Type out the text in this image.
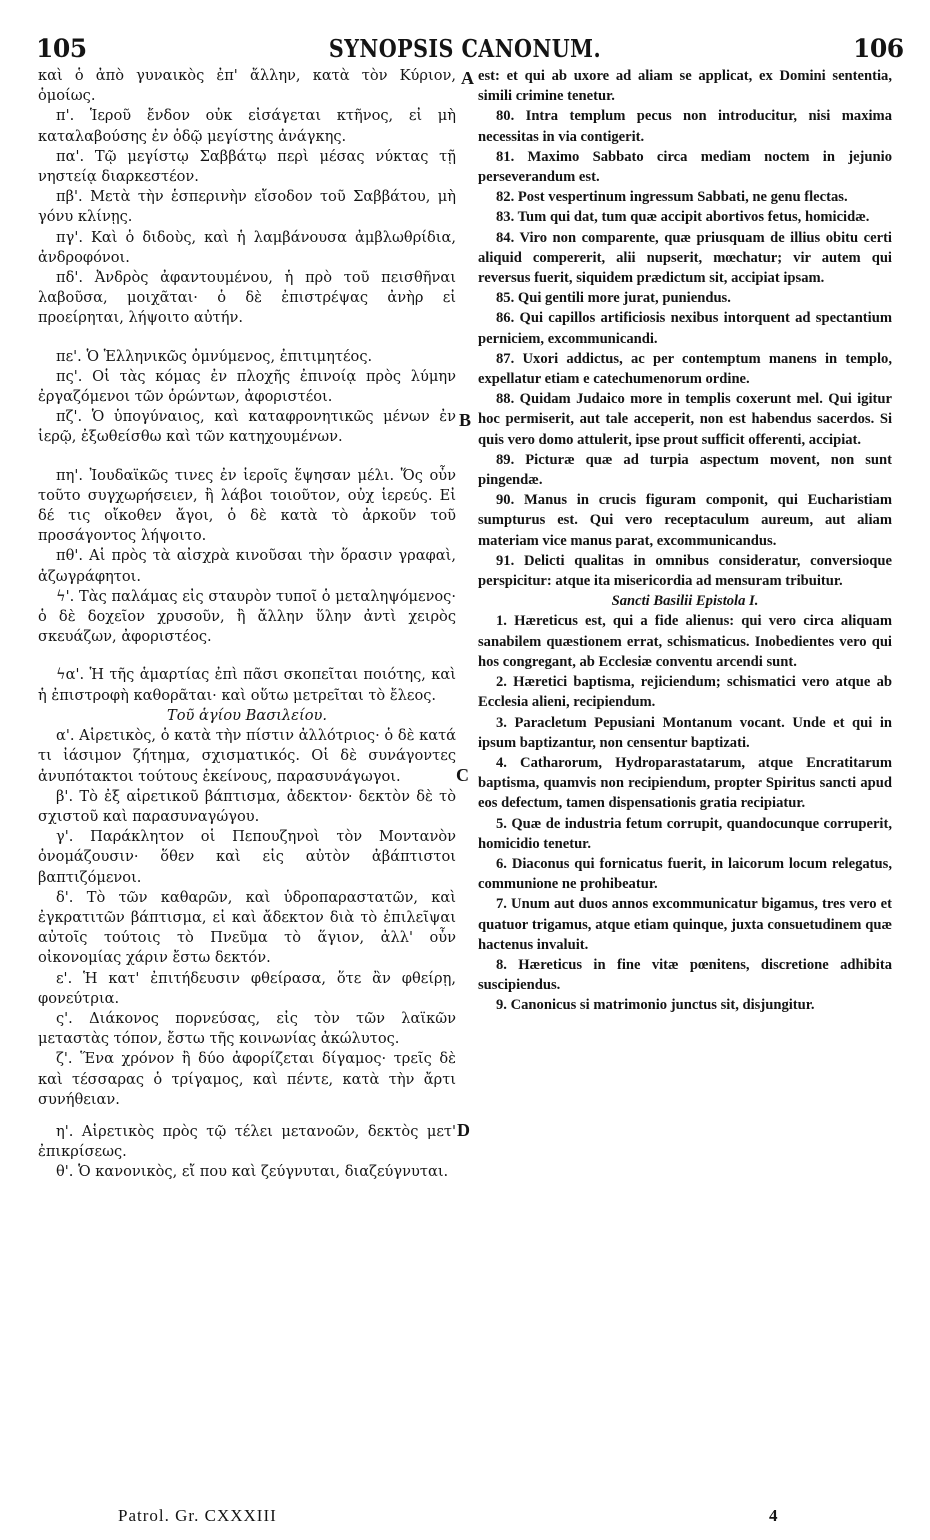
105	SYNOPSIS CANONUM.	106
A
B
C
D

καὶ ὁ ἀπὸ γυναικὸς ἐπ' ἄλλην, κατὰ τὸν Κύριον, ὁμοίως.

π'. Ἱεροῦ ἔνδον οὐκ εἰσάγεται κτῆνος, εἰ μὴ καταλαβούσης ἐν ὁδῷ μεγίστης ἀνάγκης.

πα'. Τῷ μεγίστῳ Σαββάτῳ περὶ μέσας νύκτας τῇ νηστείᾳ διαρκεστέον.

πβ'. Μετὰ τὴν ἑσπερινὴν εἴσοδον τοῦ Σαββάτου, μὴ γόνυ κλίνῃς.

πγ'. Καὶ ὁ διδοὺς, καὶ ἡ λαμβάνουσα ἀμβλωθρίδια, ἀνδροφόνοι.

πδ'. Ἀνδρὸς ἀφαντουμένου, ἡ πρὸ τοῦ πεισθῆναι λαβοῦσα, μοιχᾶται· ὁ δὲ ἐπιστρέψας ἀνὴρ εἰ προείρηται, λήψοιτο αὐτήν.

πε'. Ὁ Ἑλληνικῶς ὀμνύμενος, ἐπιτιμητέος.

πς'. Οἱ τὰς κόμας ἐν πλοχῆς ἐπινοίᾳ πρὸς λύμην ἐργαζόμενοι τῶν ὁρώντων, ἀφοριστέοι.

πζ'. Ὁ ὑπογύναιος, καὶ καταφρονητικῶς μένων ἐν ἱερῷ, ἐξωθείσθω καὶ τῶν κατηχουμένων.

πη'. Ἰουδαϊκῶς τινες ἐν ἱεροῖς ἕψησαν μέλι. Ὅς οὖν τοῦτο συγχωρήσειεν, ἢ λάβοι τοιοῦτον, οὐχ ἱερεύς. Εἰ δέ τις οἴκοθεν ἄγοι, ὁ δὲ κατὰ τὸ ἀρκοῦν τοῦ προσάγοντος λήψοιτο.

πθ'. Αἱ πρὸς τὰ αἰσχρὰ κινοῦσαι τὴν ὅρασιν γραφαὶ, ἀζωγράφητοι.

ϟ'. Τὰς παλάμας εἰς σταυρὸν τυποῖ ὁ μεταληψόμενος· ὁ δὲ δοχεῖον χρυσοῦν, ἢ ἄλλην ὕλην ἀντὶ χειρὸς σκευάζων, ἀφοριστέος.

ϟα'. Ἡ τῆς ἁμαρτίας ἐπὶ πᾶσι σκοπεῖται ποιότης, καὶ ἡ ἐπιστροφὴ καθορᾶται· καὶ οὕτω μετρεῖται τὸ ἔλεος.

Τοῦ ἁγίου Βασιλείου.

α'. Αἱρετικὸς, ὁ κατὰ τὴν πίστιν ἀλλότριος· ὁ δὲ κατά τι ἰάσιμον ζήτημα, σχισματικός. Οἱ δὲ συνάγοντες ἀνυπότακτοι τούτους ἐκείνους, παρασυνάγωγοι.

β'. Τὸ ἐξ αἱρετικοῦ βάπτισμα, ἀδεκτον· δεκτὸν δὲ τὸ σχιστοῦ καὶ παρασυναγώγου.

γ'. Παράκλητον οἱ Πεπουζηνοὶ τὸν Μοντανὸν ὀνομάζουσιν· ὅθεν καὶ εἰς αὐτὸν ἀβάπτιστοι βαπτιζόμενοι.

δ'. Τὸ τῶν καθαρῶν, καὶ ὑδροπαραστατῶν, καὶ ἐγκρατιτῶν βάπτισμα, εἰ καὶ ἄδεκτον διὰ τὸ ἐπιλεῖψαι αὐτοῖς τούτοις τὸ Πνεῦμα τὸ ἅγιον, ἀλλ' οὖν οἰκονομίας χάριν ἔστω δεκτόν.

ε'. Ἡ κατ' ἐπιτήδευσιν φθείρασα, ὅτε ἂν φθείρῃ, φονεύτρια.

ς'. Διάκονος πορνεύσας, εἰς τὸν τῶν λαϊκῶν μεταστὰς τόπον, ἔστω τῆς κοινωνίας ἀκώλυτος.

ζ'. Ἕνα χρόνον ἢ δύο ἀφορίζεται δίγαμος· τρεῖς δὲ καὶ τέσσαρας ὁ τρίγαμος, καὶ πέντε, κατὰ τὴν ἄρτι συνήθειαν.

η'. Αἱρετικὸς πρὸς τῷ τέλει μετανοῶν, δεκτὸς μετ' ἐπικρίσεως.

θ'. Ὁ κανονικὸς, εἴ που καὶ ζεύγνυται, διαζεύγνυται.

est: et qui ab uxore ad aliam se applicat, ex Domini sententia, simili crimine tenetur.

80. Intra templum pecus non introducitur, nisi maxima necessitas in via contigerit.

81. Maximo Sabbato circa mediam noctem in jejunio perseverandum est.

82. Post vespertinum ingressum Sabbati, ne genu flectas.

83. Tum qui dat, tum quæ accipit abortivos fetus, homicidæ.

84. Viro non comparente, quæ priusquam de illius obitu certi aliquid compererit, alii nupserit, mœchatur; vir autem qui reversus fuerit, siquidem prædictum sit, accipiat ipsam.

85. Qui gentili more jurat, puniendus.

86. Qui capillos artificiosis nexibus intorquent ad spectantium perniciem, excommunicandi.

87. Uxori addictus, ac per contemptum manens in templo, expellatur etiam e catechumenorum ordine.

88. Quidam Judaico more in templis coxerunt mel. Qui igitur hoc permiserit, aut tale acceperit, non est habendus sacerdos. Si quis vero domo attulerit, ipse prout sufficit offerenti, accipiat.

89. Picturæ quæ ad turpia aspectum movent, non sunt pingendæ.

90. Manus in crucis figuram componit, qui Eucharistiam sumpturus est. Qui vero receptaculum aureum, aut aliam materiam vice manus parat, excommunicandus.

91. Delicti qualitas in omnibus consideratur, conversioque perspicitur: atque ita misericordia ad mensuram tribuitur.

Sancti Basilii Epistola I.

1. Hæreticus est, qui a fide alienus: qui vero circa aliquam sanabilem quæstionem errat, schismaticus. Inobedientes vero qui hos congregant, ab Ecclesiæ conventu arcendi sunt.

2. Hæretici baptisma, rejiciendum; schismatici vero atque ab Ecclesia alieni, recipiendum.

3. Paracletum Pepusiani Montanum vocant. Unde et qui in ipsum baptizantur, non censentur baptizati.

4. Catharorum, Hydroparastatarum, atque Encratitarum baptisma, quamvis non recipiendum, propter Spiritus sancti apud eos defectum, tamen dispensationis gratia recipiatur.

5. Quæ de industria fetum corrupit, quandocunque corruperit, homicidio tenetur.

6. Diaconus qui fornicatus fuerit, in laicorum locum relegatus, communione ne prohibeatur.

7. Unum aut duos annos excommunicatur bigamus, tres vero et quatuor trigamus, atque etiam quinque, juxta consuetudinem quæ hactenus invaluit.

8. Hæreticus in fine vitæ pœnitens, discretione adhibita suscipiendus.

9. Canonicus si matrimonio junctus sit, disjungitur.

Patrol. Gr. CXXXIII	4
